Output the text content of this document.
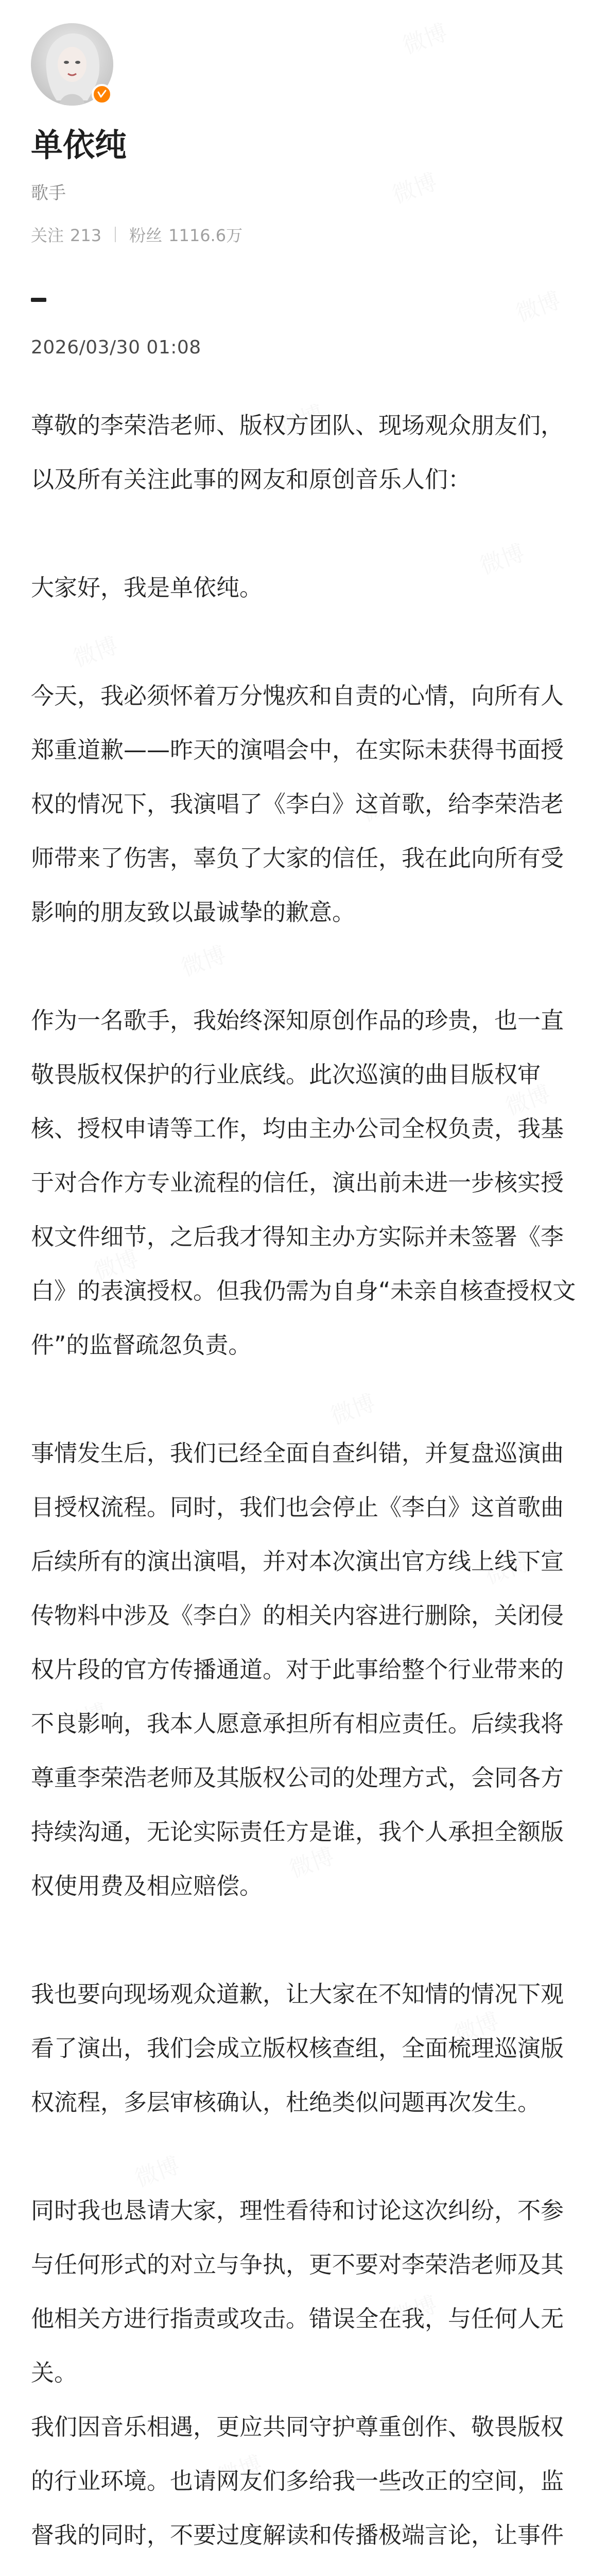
单依纯
歌手
关注 213 粉丝 1116.6万
2026/03/30 01:08

尊敬的李荣浩老师、版权方团队、现场观众朋友们，以及所有关注此事的网友和原创音乐人们：

大家好，我是单依纯。

今天，我必须怀着万分愧疚和自责的心情，向所有人郑重道歉——昨天的演唱会中，在实际未获得书面授权的情况下，我演唱了《李白》这首歌，给李荣浩老师带来了伤害，辜负了大家的信任，我在此向所有受影响的朋友致以最诚挚的歉意。

作为一名歌手，我始终深知原创作品的珍贵，也一直敬畏版权保护的行业底线。此次巡演的曲目版权审核、授权申请等工作，均由主办公司全权负责，我基于对合作方专业流程的信任，演出前未进一步核实授权文件细节，之后我才得知主办方实际并未签署《李白》的表演授权。但我仍需为自身“未亲自核查授权文件”的监督疏忽负责。

事情发生后，我们已经全面自查纠错，并复盘巡演曲目授权流程。同时，我们也会停止《李白》这首歌曲后续所有的演出演唱，并对本次演出官方线上线下宣传物料中涉及《李白》的相关内容进行删除，关闭侵权片段的官方传播通道。对于此事给整个行业带来的不良影响，我本人愿意承担所有相应责任。后续我将尊重李荣浩老师及其版权公司的处理方式，会同各方持续沟通，无论实际责任方是谁，我个人承担全额版权使用费及相应赔偿。

我也要向现场观众道歉，让大家在不知情的情况下观看了演出，我们会成立版权核查组，全面梳理巡演版权流程，多层审核确认，杜绝类似问题再次发生。

同时我也恳请大家，理性看待和讨论这次纠纷，不参与任何形式的对立与争执，更不要对李荣浩老师及其他相关方进行指责或攻击。错误全在我，与任何人无关。

我们因音乐相遇，更应共同守护尊重创作、敬畏版权的行业环境。也请网友们多给我一些改正的空间，监督我的同时，不要过度解读和传播极端言论，让事件
